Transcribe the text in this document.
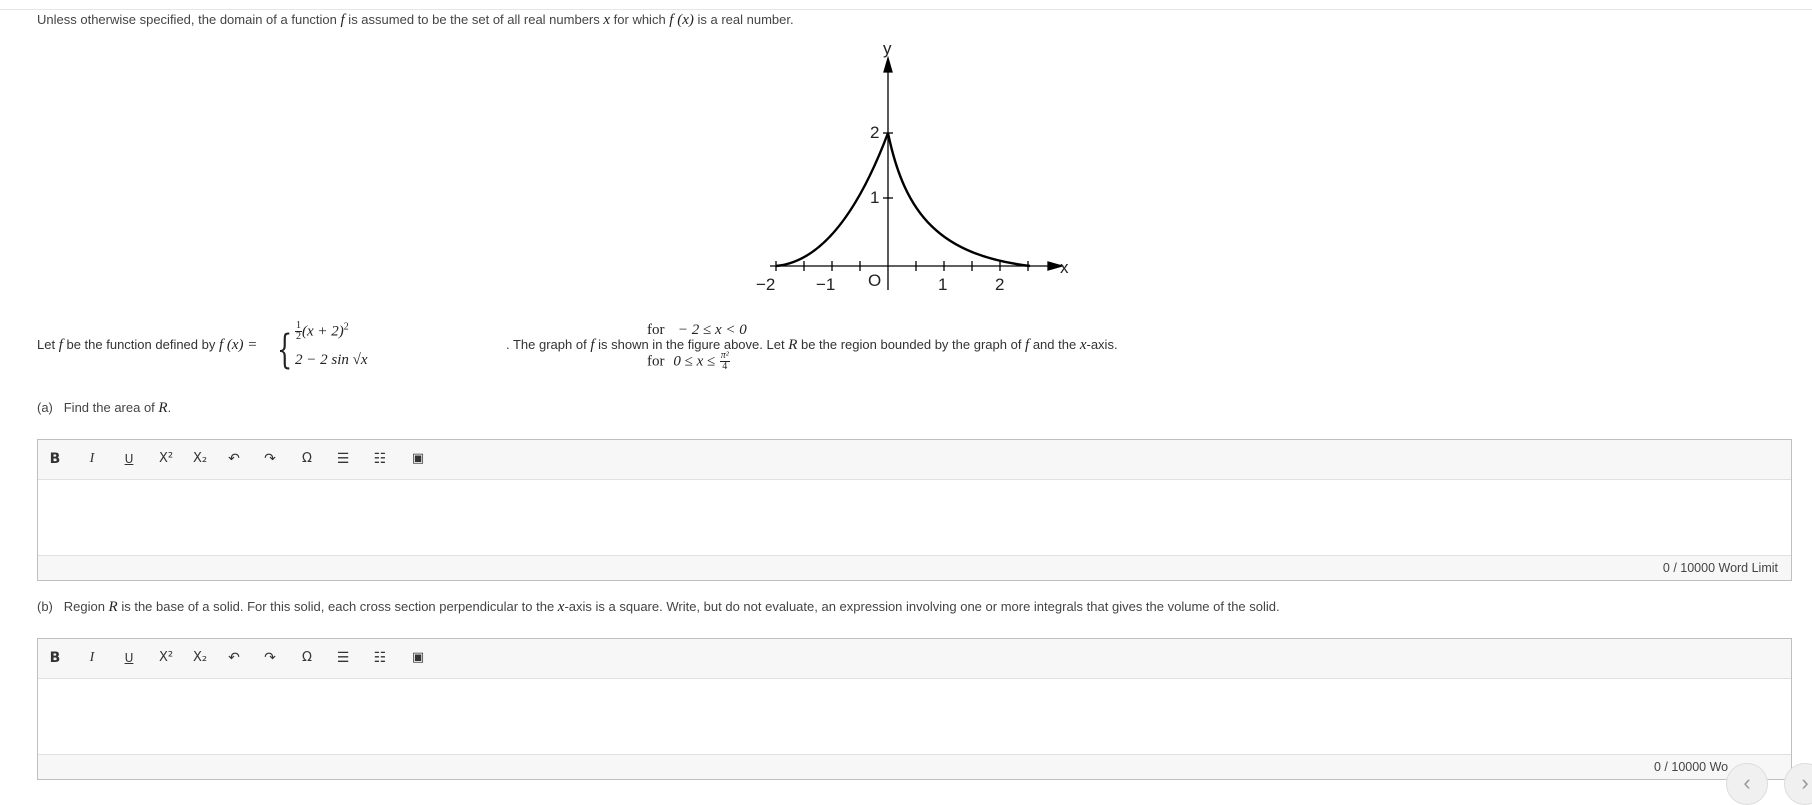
Unless otherwise specified, the domain of a function f is assumed to be the set of all real numbers x for which f (x) is a real number.
y
x
O
−2 −1	1	2
2
1
Let f be the function defined by f (x) = { $\frac{1}{2} (x + 2)^2$	for − 2 ≤ x < 0
2 − 2 sin √x	for $0 \le x \le \frac{\text{π²}}{4}$
. The graph of f is shown in the figure above. Let R be the region bounded by the graph of f and the x-axis.
(a) Find the area of R.
B	I	U	X²	X₂	↶	↷	Ω	☰	☷	▣
0 / 10000 Word Limit
(b) Region R is the base of a solid. For this solid, each cross section perpendicular to the x-axis is a square. Write, but do not evaluate, an expression involving one or more integrals that gives the volume of the solid.
B	I	U	X²	X₂	↶	↷	Ω	☰	☷	▣
0 / 10000 Wo
‹	›
